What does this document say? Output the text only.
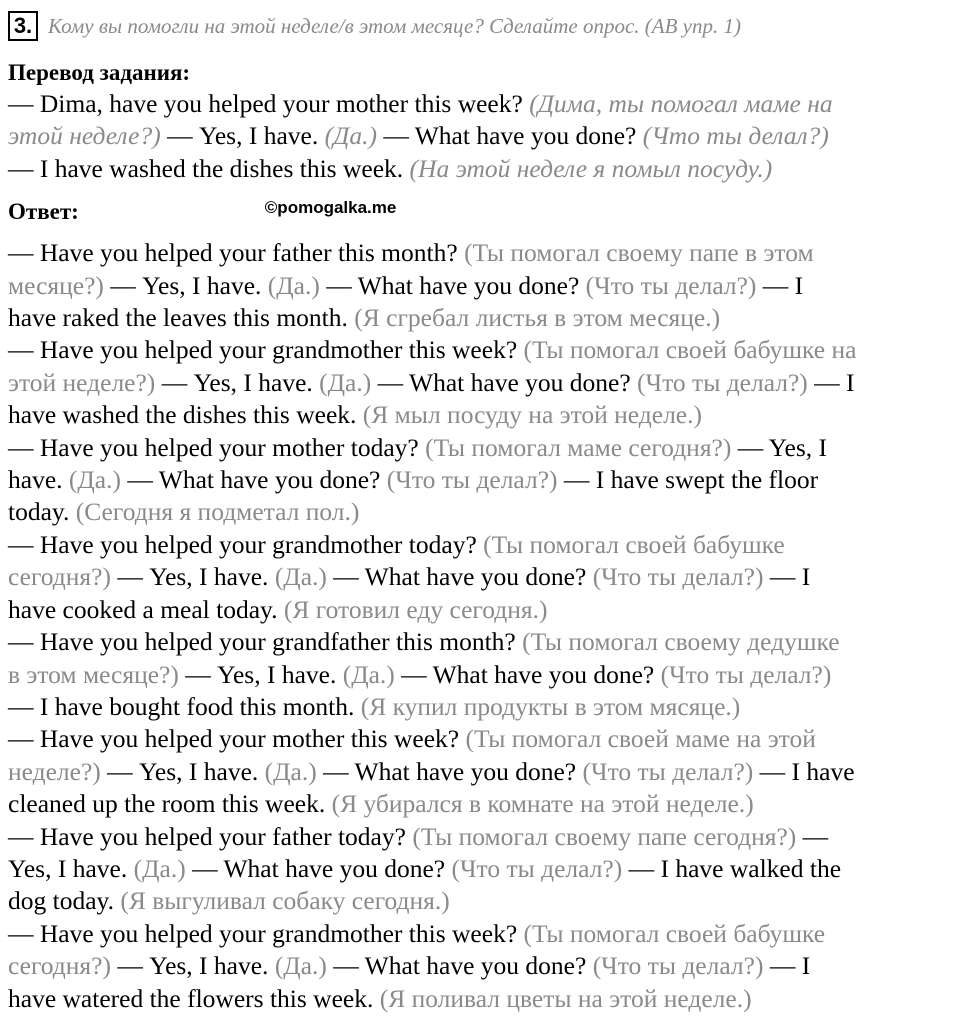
3. Кому вы помогли на этой неделе/в этом месяце? Сделайте опрос. (АВ упр. 1)
Перевод задания:

— Dima, have you helped your mother this week? (Дима, ты помогал маме на

этой неделе?) — Yes, I have. (Да.) — What have you done? (Что ты делал?)

— I have washed the dishes this week. (На этой неделе я помыл посуду.)

Ответ:	©pomogalka.me

— Have you helped your father this month? (Ты помогал своему папе в этом

месяце?) — Yes, I have. (Да.) — What have you done? (Что ты делал?) — I

have raked the leaves this month. (Я сгребал листья в этом месяце.)

— Have you helped your grandmother this week? (Ты помогал своей бабушке на

этой неделе?) — Yes, I have. (Да.) — What have you done? (Что ты делал?) — I

have washed the dishes this week. (Я мыл посуду на этой неделе.)

— Have you helped your mother today? (Ты помогал маме сегодня?) — Yes, I

have. (Да.) — What have you done? (Что ты делал?) — I have swept the floor

today. (Сегодня я подметал пол.)

— Have you helped your grandmother today? (Ты помогал своей бабушке

сегодня?) — Yes, I have. (Да.) — What have you done? (Что ты делал?) — I

have cooked a meal today. (Я готовил еду сегодня.)

— Have you helped your grandfather this month? (Ты помогал своему дедушке

в этом месяце?) — Yes, I have. (Да.) — What have you done? (Что ты делал?)

— I have bought food this month. (Я купил продукты в этом мясяце.)

— Have you helped your mother this week? (Ты помогал своей маме на этой

неделе?) — Yes, I have. (Да.) — What have you done? (Что ты делал?) — I have

cleaned up the room this week. (Я убирался в комнате на этой неделе.)

— Have you helped your father today? (Ты помогал своему папе сегодня?) —

Yes, I have. (Да.) — What have you done? (Что ты делал?) — I have walked the

dog today. (Я выгуливал собаку сегодня.)

— Have you helped your grandmother this week? (Ты помогал своей бабушке

сегодня?) — Yes, I have. (Да.) — What have you done? (Что ты делал?) — I

have watered the flowers this week. (Я поливал цветы на этой неделе.)
